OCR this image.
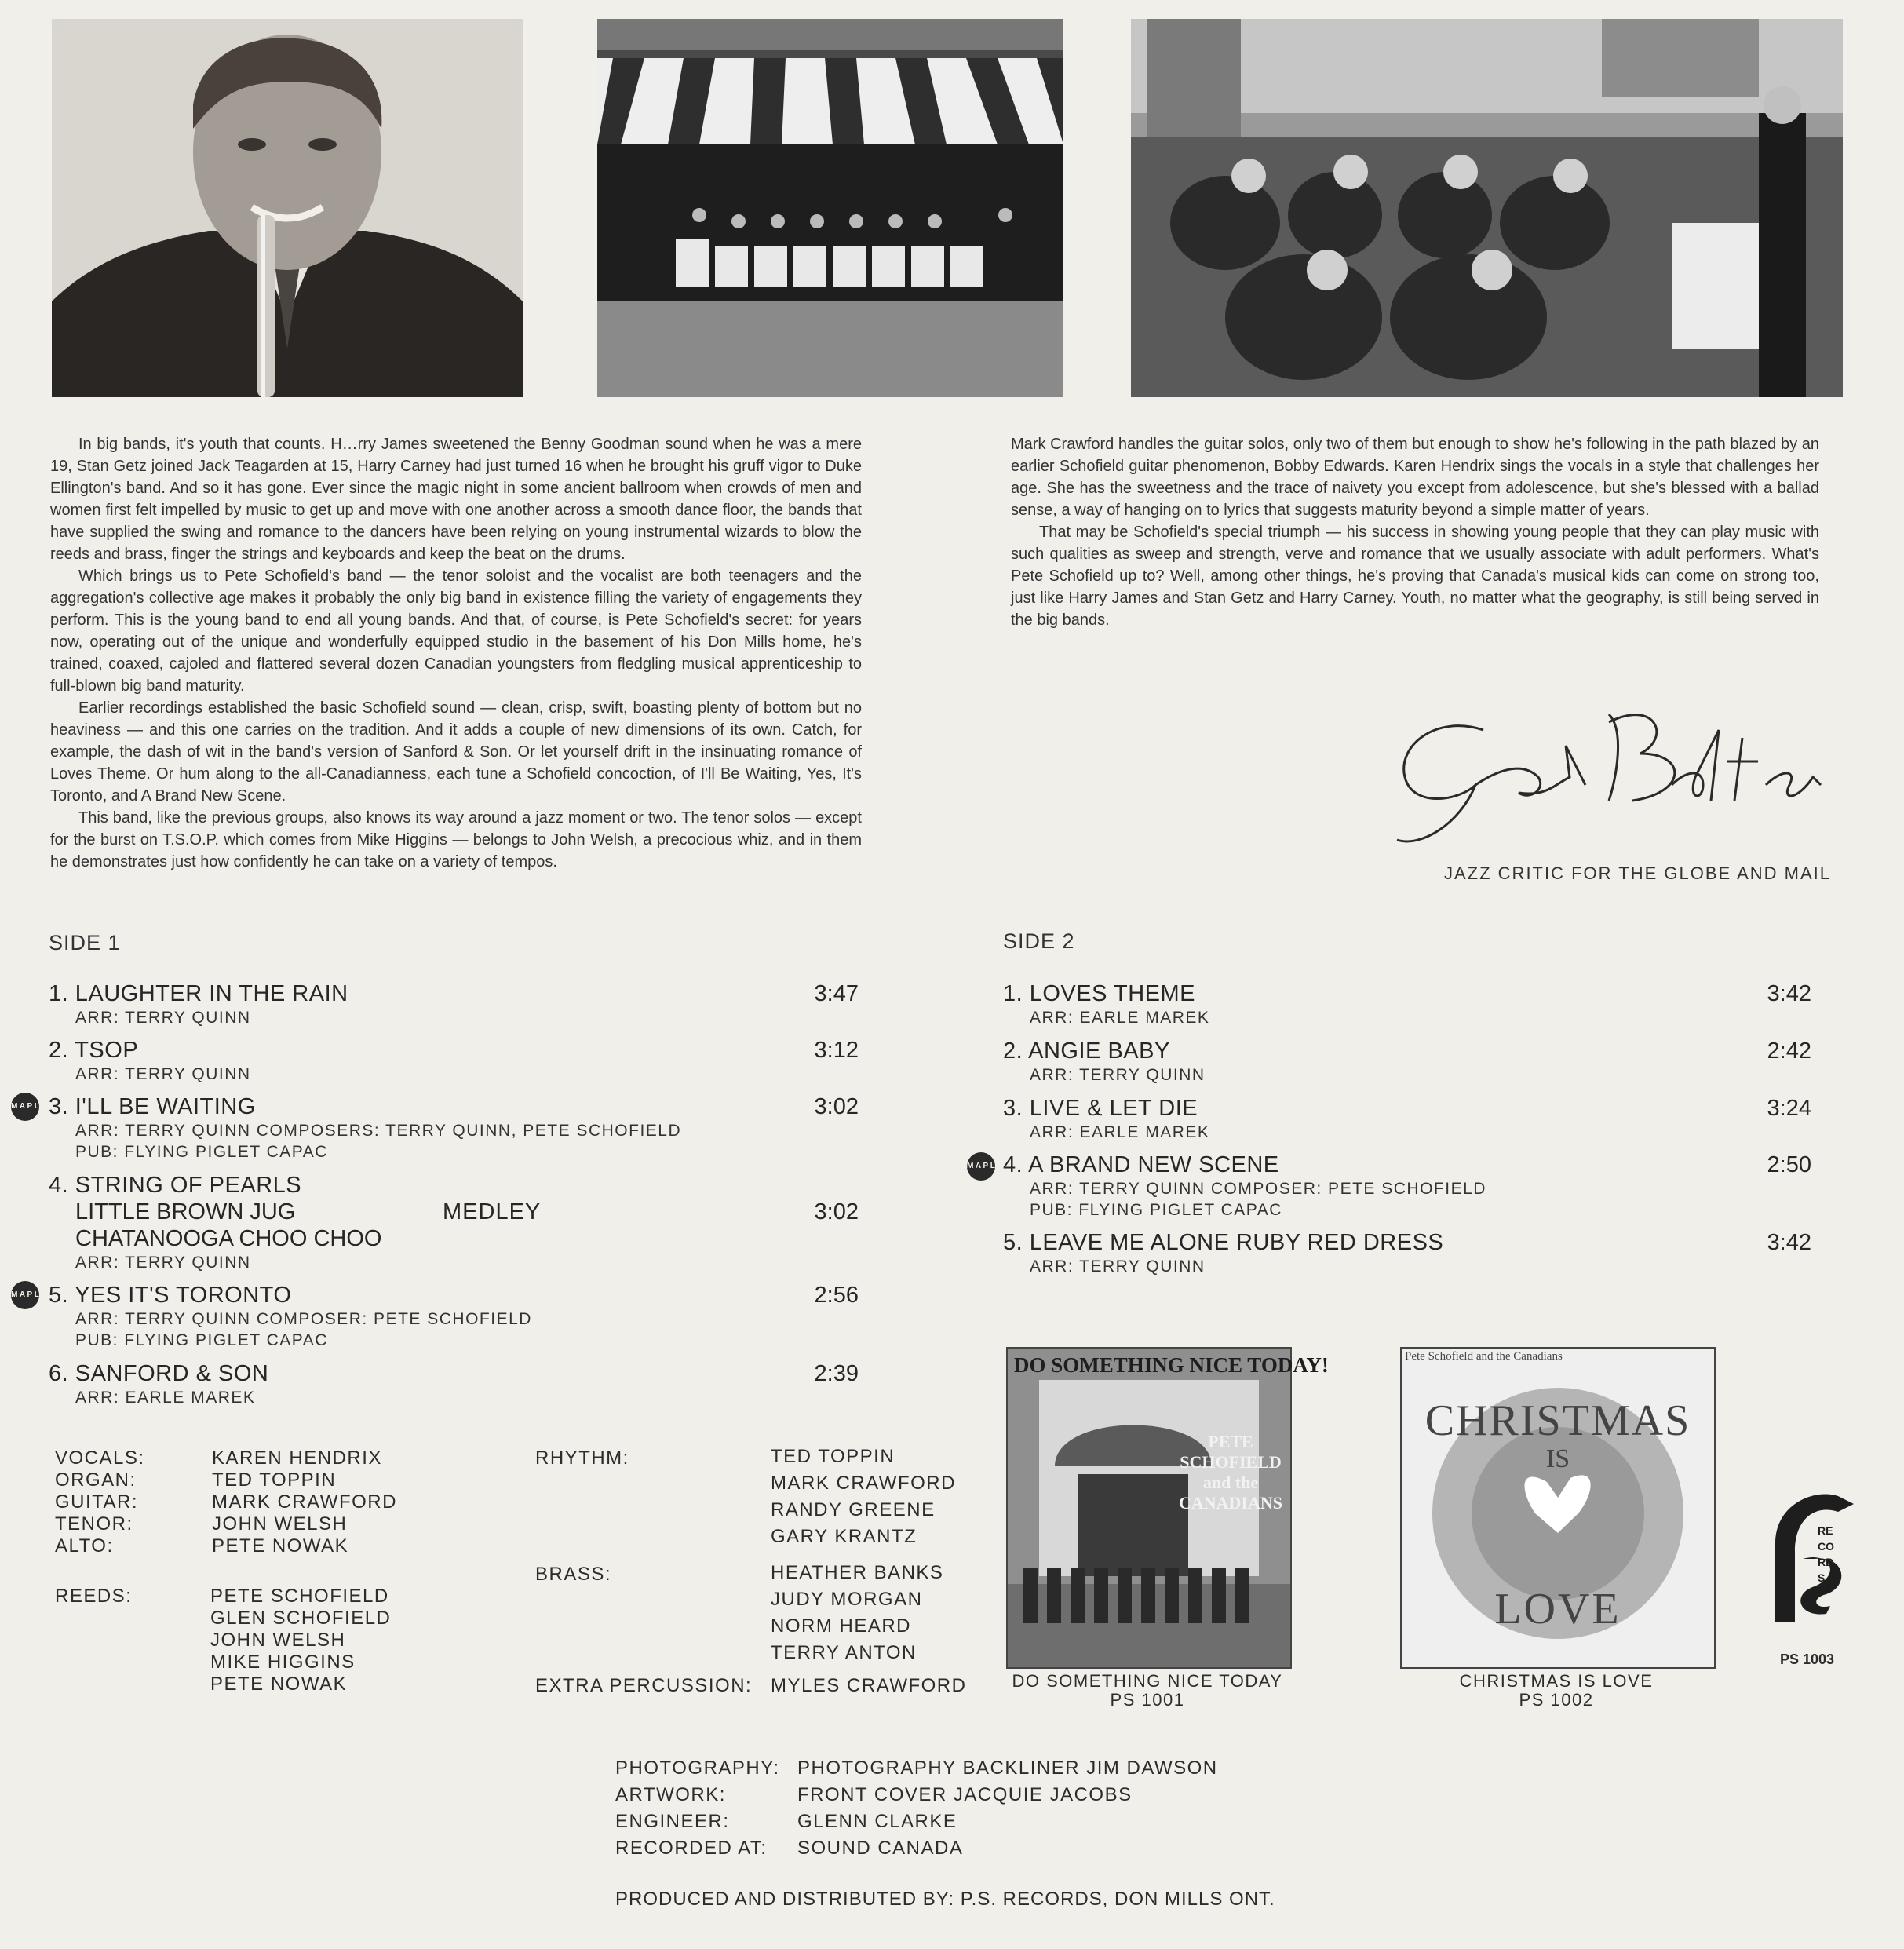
In big bands, it's youth that counts. H…rry James sweetened the Benny Goodman sound when he was a mere 19, Stan Getz joined Jack Teagarden at 15, Harry Carney had just turned 16 when he brought his gruff vigor to Duke Ellington's band. And so it has gone. Ever since the magic night in some ancient ballroom when crowds of men and women first felt impelled by music to get up and move with one another across a smooth dance floor, the bands that have supplied the swing and romance to the dancers have been relying on young instrumental wizards to blow the reeds and brass, finger the strings and keyboards and keep the beat on the drums.

Which brings us to Pete Schofield's band — the tenor soloist and the vocalist are both teenagers and the aggregation's collective age makes it probably the only big band in existence filling the variety of engagements they perform. This is the young band to end all young bands. And that, of course, is Pete Schofield's secret: for years now, operating out of the unique and wonderfully equipped studio in the basement of his Don Mills home, he's trained, coaxed, cajoled and flattered several dozen Canadian youngsters from fledgling musical apprenticeship to full-blown big band maturity.

Earlier recordings established the basic Schofield sound — clean, crisp, swift, boasting plenty of bottom but no heaviness — and this one carries on the tradition. And it adds a couple of new dimensions of its own. Catch, for example, the dash of wit in the band's version of Sanford & Son. Or let yourself drift in the insinuating romance of Loves Theme. Or hum along to the all-Canadianness, each tune a Schofield concoction, of I'll Be Waiting, Yes, It's Toronto, and A Brand New Scene.

This band, like the previous groups, also knows its way around a jazz moment or two. The tenor solos — except for the burst on T.S.O.P. which comes from Mike Higgins — belongs to John Welsh, a precocious whiz, and in them he demonstrates just how confidently he can take on a variety of tempos.

Mark Crawford handles the guitar solos, only two of them but enough to show he's following in the path blazed by an earlier Schofield guitar phenomenon, Bobby Edwards. Karen Hendrix sings the vocals in a style that challenges her age. She has the sweetness and the trace of naivety you except from adolescence, but she's blessed with a ballad sense, a way of hanging on to lyrics that suggests maturity beyond a simple matter of years.

That may be Schofield's special triumph — his success in showing young people that they can play music with such qualities as sweep and strength, verve and romance that we usually associate with adult performers. What's Pete Schofield up to? Well, among other things, he's proving that Canada's musical kids can come on strong too, just like Harry James and Stan Getz and Harry Carney. Youth, no matter what the geography, is still being served in the big bands.

JAZZ CRITIC FOR THE GLOBE AND MAIL
SIDE 1
1. LAUGHTER IN THE RAIN	3:47
ARR: TERRY QUINN
2. TSOP	3:12
ARR: TERRY QUINN
3. I'LL BE WAITING	3:02
ARR: TERRY QUINN COMPOSERS: TERRY QUINN, PETE SCHOFIELD
PUB: FLYING PIGLET CAPAC
4. STRING OF PEARLS
LITTLE BROWN JUG
CHATANOOGA CHOO CHOO
MEDLEY	3:02
ARR: TERRY QUINN
5. YES IT'S TORONTO	2:56
ARR: TERRY QUINN COMPOSER: PETE SCHOFIELD
PUB: FLYING PIGLET CAPAC
6. SANFORD & SON	2:39
ARR: EARLE MAREK
M A P L
M A P L
SIDE 2
1. LOVES THEME	3:42
ARR: EARLE MAREK
2. ANGIE BABY	2:42
ARR: TERRY QUINN
3. LIVE & LET DIE	3:24
ARR: EARLE MAREK
4. A BRAND NEW SCENE	2:50
ARR: TERRY QUINN COMPOSER: PETE SCHOFIELD
PUB: FLYING PIGLET CAPAC
5. LEAVE ME ALONE RUBY RED DRESS	3:42
ARR: TERRY QUINN
M A P L
VOCALS:	KAREN HENDRIX
ORGAN:	TED TOPPIN
GUITAR:	MARK CRAWFORD
TENOR:	JOHN WELSH
ALTO:	PETE NOWAK
REEDS:	PETE SCHOFIELD
GLEN SCHOFIELD
JOHN WELSH
MIKE HIGGINS
PETE NOWAK
RHYTHM:	TED TOPPIN
MARK CRAWFORD
RANDY GREENE
GARY KRANTZ
BRASS:	HEATHER BANKS
JUDY MORGAN
NORM HEARD
TERRY ANTON
EXTRA PERCUSSION: MYLES CRAWFORD
DO SOMETHING NICE TODAY!
PETE SCHOFIELD and the CANADIANS
DO SOMETHING NICE TODAY
PS 1001
Pete Schofield and the Canadians
CHRISTMAS
IS
LOVE
CHRISTMAS IS LOVE
PS 1002
RECORDS
PS 1003
PHOTOGRAPHY: PHOTOGRAPHY BACKLINER JIM DAWSON
ARTWORK:	FRONT COVER JACQUIE JACOBS
ENGINEER:	GLENN CLARKE
RECORDED AT: SOUND CANADA
PRODUCED AND DISTRIBUTED BY: P.S. RECORDS, DON MILLS ONT.
